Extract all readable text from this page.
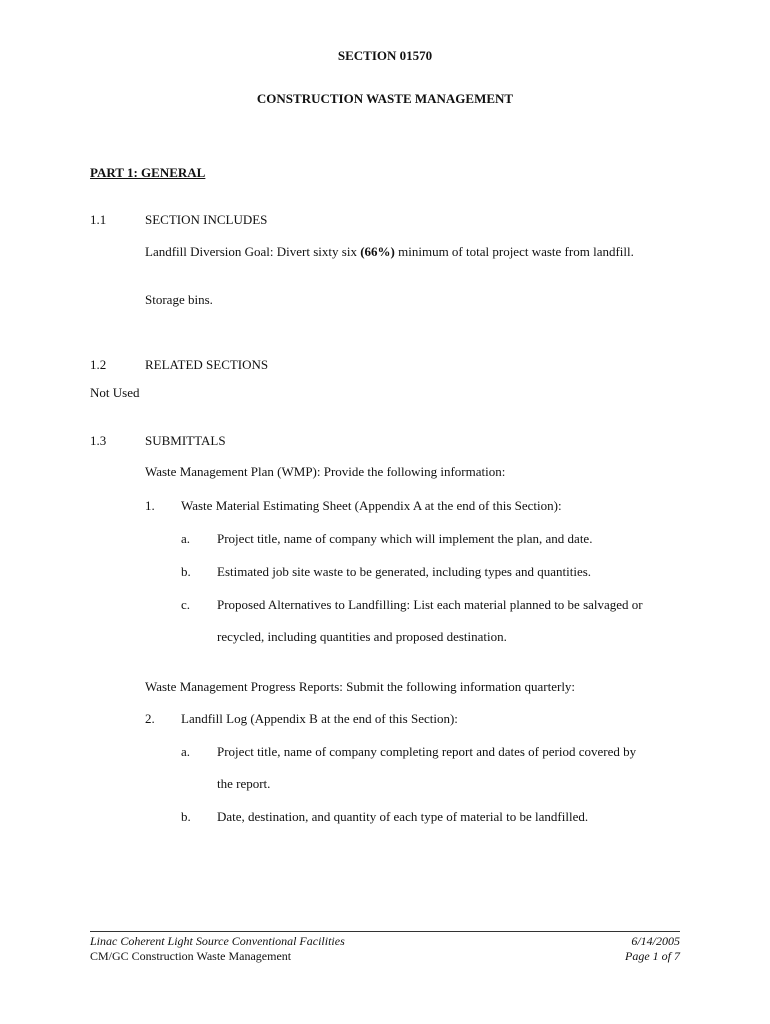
SECTION 01570
CONSTRUCTION WASTE MANAGEMENT
PART 1: GENERAL
1.1	SECTION INCLUDES
Landfill Diversion Goal: Divert sixty six (66%) minimum of total project waste from landfill.
Storage bins.
1.2	RELATED SECTIONS
Not Used
1.3	SUBMITTALS
Waste Management Plan (WMP): Provide the following information:
1. Waste Material Estimating Sheet (Appendix A at the end of this Section):
a. Project title, name of company which will implement the plan, and date.
b. Estimated job site waste to be generated, including types and quantities.
c. Proposed Alternatives to Landfilling: List each material planned to be salvaged or
recycled, including quantities and proposed destination.
Waste Management Progress Reports: Submit the following information quarterly:
2. Landfill Log (Appendix B at the end of this Section):
a. Project title, name of company completing report and dates of period covered by
the report.
b. Date, destination, and quantity of each type of material to be landfilled.
Linac Coherent Light Source Conventional Facilities
CM/GC Construction Waste Management
6/14/2005
Page 1 of 7
